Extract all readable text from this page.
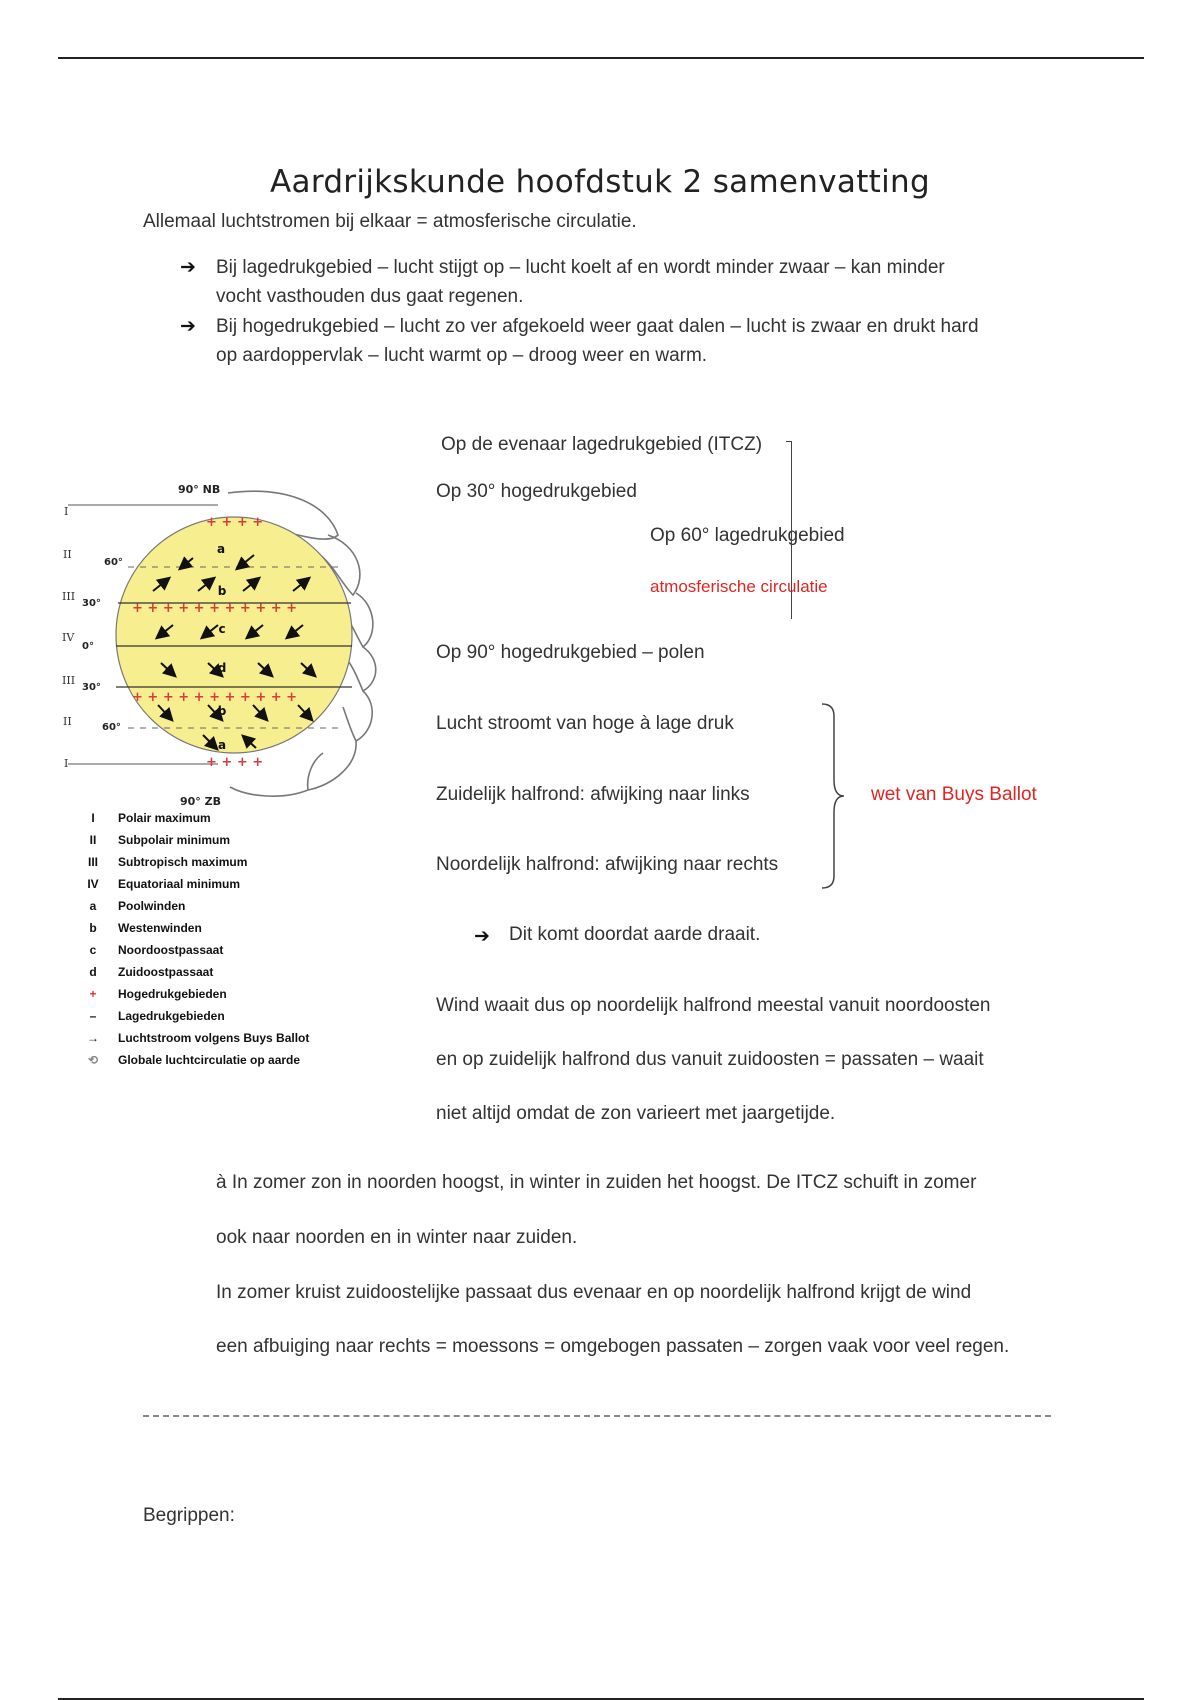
Aardrijkskunde hoofdstuk 2 samenvatting
Allemaal luchtstromen bij elkaar = atmosferische circulatie.
➔ Bij lagedrukgebied – lucht stijgt op – lucht koelt af en wordt minder zwaar – kan minder
vocht vasthouden dus gaat regenen.
➔ Bij hogedrukgebied – lucht zo ver afgekoeld weer gaat dalen – lucht is zwaar en drukt hard
op aardoppervlak – lucht warmt op – droog weer en warm.
Op de evenaar lagedrukgebied (ITCZ)
Op 30° hogedrukgebied
Op 60° lagedrukgebied
atmosferische circulatie
Op 90° hogedrukgebied – polen
Lucht stroomt van hoge à lage druk
Zuidelijk halfrond: afwijking naar links
Noordelijk halfrond: afwijking naar rechts
wet van Buys Ballot
➔ Dit komt doordat aarde draait.
Wind waait dus op noordelijk halfrond meestal vanuit noordoosten
en op zuidelijk halfrond dus vanuit zuidoosten = passaten – waait
niet altijd omdat de zon varieert met jaargetijde.
à In zomer zon in noorden hoogst, in winter in zuiden het hoogst. De ITCZ schuift in zomer
ook naar noorden en in winter naar zuiden.
In zomer kruist zuidoostelijke passaat dus evenaar en op noordelijk halfrond krijgt de wind
een afbuiging naar rechts = moessons = omgebogen passaten – zorgen vaak voor veel regen.
Begrippen:
+ + + +
+ + + + + + + + + + +
+ + + + + + + + + + +
+ + + +
a
b
c
d
b
a
90° NB
90° ZB
I
II
III
IV
III
II
I
60°
30°
0°
30°
60°
I Polair maximum
II Subpolair minimum
III Subtropisch maximum
IV Equatoriaal minimum
a Poolwinden
b Westenwinden
c Noordoostpassaat
d Zuidoostpassaat
+ Hogedrukgebieden
– Lagedrukgebieden
→ Luchtstroom volgens Buys Ballot
⟲ Globale luchtcirculatie op aarde
